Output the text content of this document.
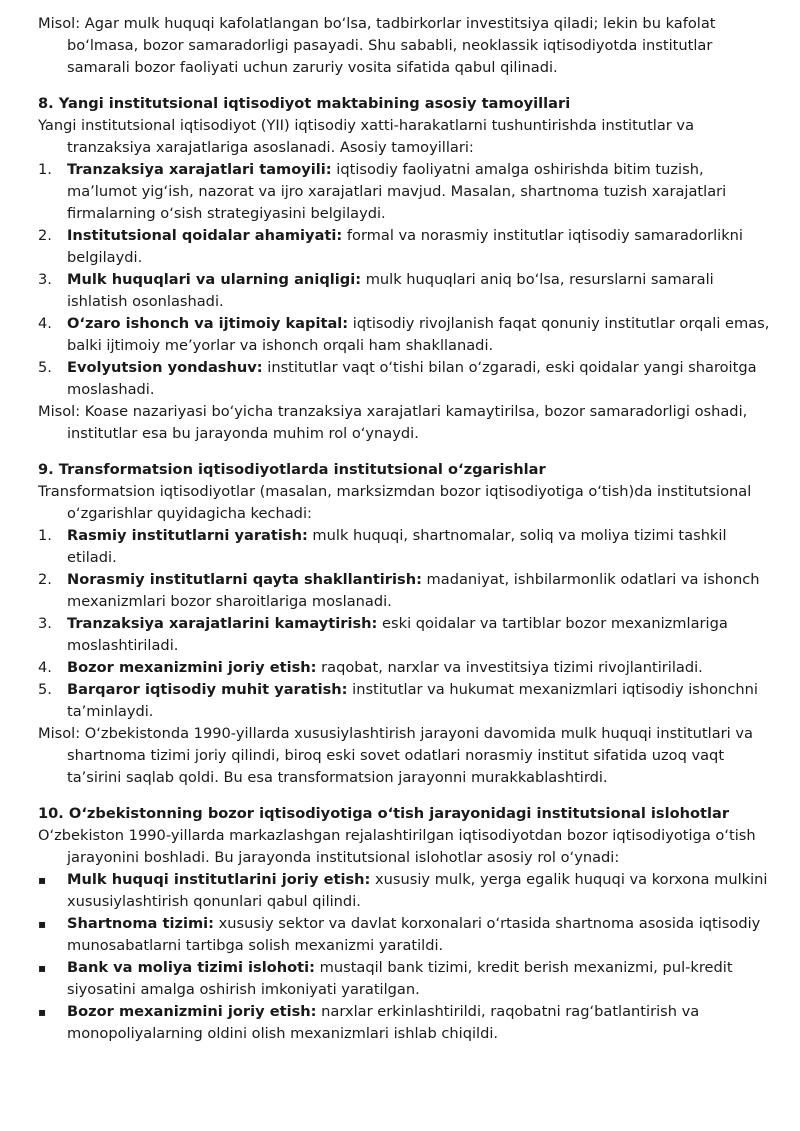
Misol: Agar mulk huquqi kafolatlangan bo‘lsa, tadbirkorlar investitsiya qiladi; lekin bu kafolat bo‘lmasa, bozor samaradorligi pasayadi. Shu sababli, neoklassik iqtisodiyotda institutlar samarali bozor faoliyati uchun zaruriy vosita sifatida qabul qilinadi.

8. Yangi institutsional iqtisodiyot maktabining asosiy tamoyillari

Yangi institutsional iqtisodiyot (YII) iqtisodiy xatti-harakatlarni tushuntirishda institutlar va tranzaksiya xarajatlariga asoslanadi. Asosiy tamoyillari:

1. Tranzaksiya xarajatlari tamoyili: iqtisodiy faoliyatni amalga oshirishda bitim tuzish, ma’lumot yig‘ish, nazorat va ijro xarajatlari mavjud. Masalan, shartnoma tuzish xarajatlari firmalarning o‘sish strategiyasini belgilaydi.
2. Institutsional qoidalar ahamiyati: formal va norasmiy institutlar iqtisodiy samaradorlikni belgilaydi.
3. Mulk huquqlari va ularning aniqligi: mulk huquqlari aniq bo‘lsa, resurslarni samarali ishlatish osonlashadi.
4. O‘zaro ishonch va ijtimoiy kapital: iqtisodiy rivojlanish faqat qonuniy institutlar orqali emas, balki ijtimoiy me’yorlar va ishonch orqali ham shakllanadi.
5. Evolyutsion yondashuv: institutlar vaqt o‘tishi bilan o‘zgaradi, eski qoidalar yangi sharoitga moslashadi.

Misol: Koase nazariyasi bo‘yicha tranzaksiya xarajatlari kamaytirilsa, bozor samaradorligi oshadi, institutlar esa bu jarayonda muhim rol o‘ynaydi.

9. Transformatsion iqtisodiyotlarda institutsional o‘zgarishlar

Transformatsion iqtisodiyotlar (masalan, marksizmdan bozor iqtisodiyotiga o‘tish)da institutsional o‘zgarishlar quyidagicha kechadi:

1. Rasmiy institutlarni yaratish: mulk huquqi, shartnomalar, soliq va moliya tizimi tashkil etiladi.
2. Norasmiy institutlarni qayta shakllantirish: madaniyat, ishbilarmonlik odatlari va ishonch mexanizmlari bozor sharoitlariga moslanadi.
3. Tranzaksiya xarajatlarini kamaytirish: eski qoidalar va tartiblar bozor mexanizmlariga moslashtiriladi.
4. Bozor mexanizmini joriy etish: raqobat, narxlar va investitsiya tizimi rivojlantiriladi.
5. Barqaror iqtisodiy muhit yaratish: institutlar va hukumat mexanizmlari iqtisodiy ishonchni ta’minlaydi.

Misol: O‘zbekistonda 1990-yillarda xususiylashtirish jarayoni davomida mulk huquqi institutlari va shartnoma tizimi joriy qilindi, biroq eski sovet odatlari norasmiy institut sifatida uzoq vaqt ta’sirini saqlab qoldi. Bu esa transformatsion jarayonni murakkablashtirdi.

10. O‘zbekistonning bozor iqtisodiyotiga o‘tish jarayonidagi institutsional islohotlar

O‘zbekiston 1990-yillarda markazlashgan rejalashtirilgan iqtisodiyotdan bozor iqtisodiyotiga o‘tish jarayonini boshladi. Bu jarayonda institutsional islohotlar asosiy rol o‘ynadi:

▪ Mulk huquqi institutlarini joriy etish: xususiy mulk, yerga egalik huquqi va korxona mulkini xususiylashtirish qonunlari qabul qilindi.
▪ Shartnoma tizimi: xususiy sektor va davlat korxonalari o‘rtasida shartnoma asosida iqtisodiy munosabatlarni tartibga solish mexanizmi yaratildi.
▪ Bank va moliya tizimi islohoti: mustaqil bank tizimi, kredit berish mexanizmi, pul-kredit siyosatini amalga oshirish imkoniyati yaratilgan.
▪ Bozor mexanizmini joriy etish: narxlar erkinlashtirildi, raqobatni rag‘batlantirish va monopoliyalarning oldini olish mexanizmlari ishlab chiqildi.
